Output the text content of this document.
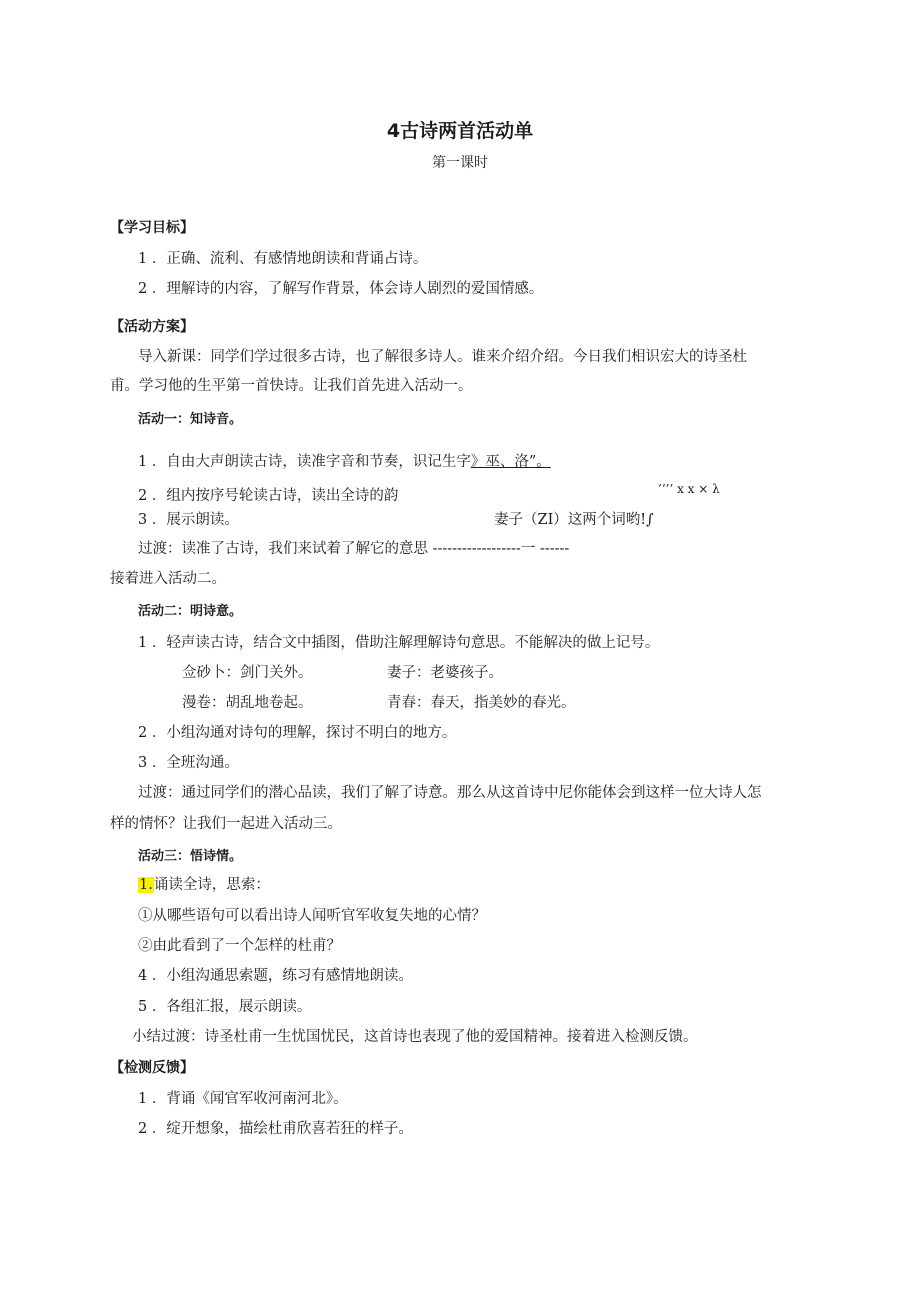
4古诗两首活动单
第一课时
【学习目标】
1 ．正确、流利、有感情地朗读和背诵占诗。
2 ．理解诗的内容，了解写作背景，体会诗人剧烈的爱国情感。
【活动方案】
导入新课：同学们学过很多古诗，也了解很多诗人。谁来介绍介绍。今日我们相识宏大的诗圣杜
甫。学习他的生平第一首快诗。让我们首先进入活动一。
活动一：知诗音。
1 ．自由大声朗读古诗，读准字音和节奏，识记生字》巫、洛”。
2 ．组内按序号轮读古诗，读出全诗的韵	’’’’ x x × λ
3 ．展示朗读。	妻子（ZI）这两个词哟!∫
过渡：读准了古诗，我们来试着了解它的意思 ------------------一 ------
接着进入活动二。
活动二：明诗意。
1 ．轻声读古诗，结合文中插图，借助注解理解诗句意思。不能解决的做上记号。
佥砂卜：剑门关外。	妻子：老婆孩子。
漫卷：胡乱地卷起。	青春：春天，指美妙的春光。
2 ．小组沟通对诗句的理解，探讨不明白的地方。
3 ．全班沟通。
过渡：通过同学们的潜心品读，我们了解了诗意。那么从这首诗中尼你能体会到这样一位大诗人怎
样的情怀？让我们一起进入活动三。
活动三：悟诗情。
1.诵读全诗，思索：
①从哪些语句可以看出诗人闻听官军收复失地的心情？
②由此看到了一个怎样的杜甫？
4 ．小组沟通思索题，练习有感情地朗读。
5 ．各组汇报，展示朗读。
小结过渡：诗圣杜甫一生忧国忧民，这首诗也表现了他的爱国精神。接着进入检测反馈。
【检测反馈】
1 ．背诵《闻官军收河南河北》。
2 ．绽开想象，描绘杜甫欣喜若狂的样子。
